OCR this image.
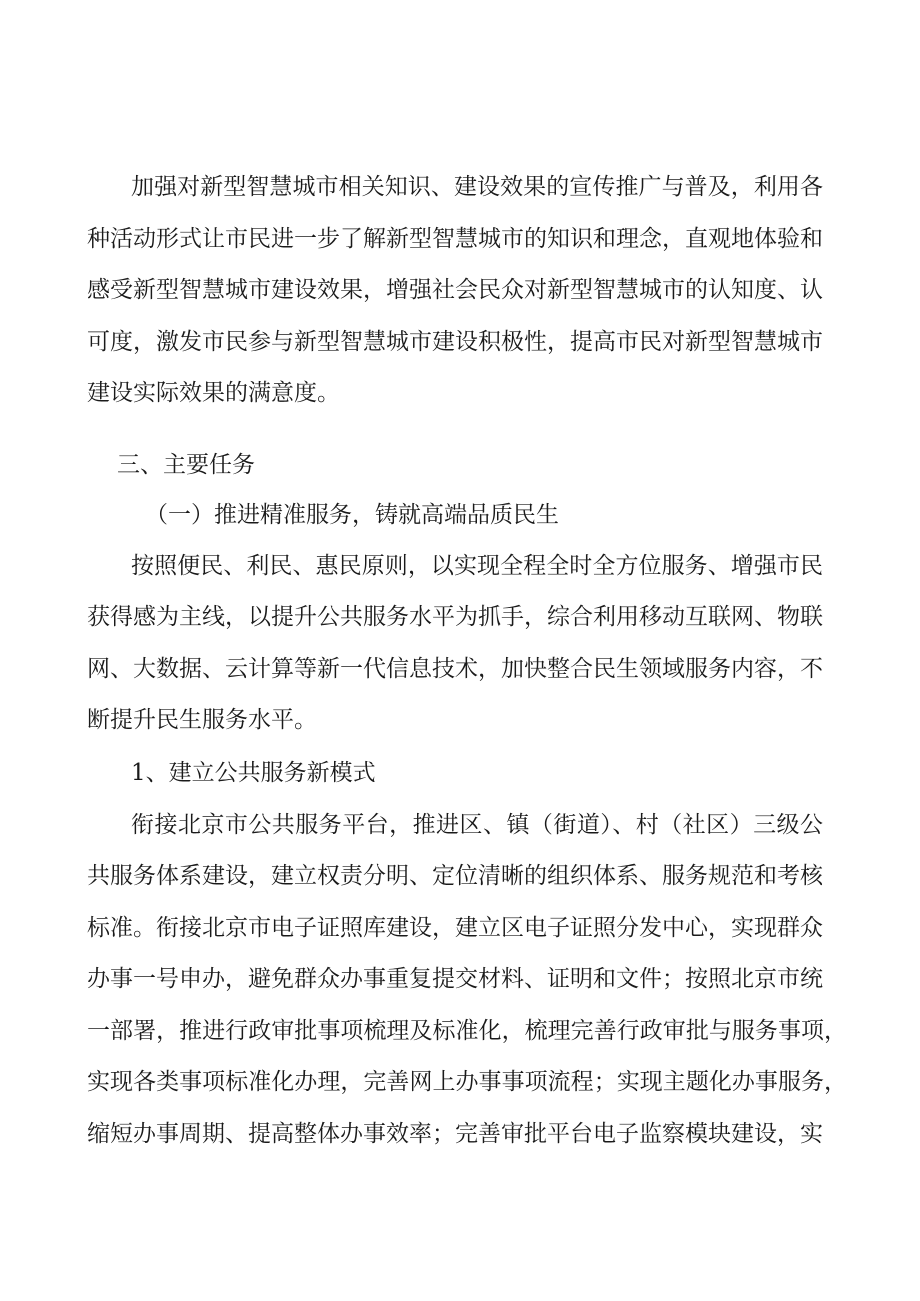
加强对新型智慧城市相关知识、建设效果的宣传推广与普及，利用各
种活动形式让市民进一步了解新型智慧城市的知识和理念，直观地体验和
感受新型智慧城市建设效果，增强社会民众对新型智慧城市的认知度、认
可度，激发市民参与新型智慧城市建设积极性，提高市民对新型智慧城市
建设实际效果的满意度。
三、主要任务
（一）推进精准服务，铸就高端品质民生
按照便民、利民、惠民原则，以实现全程全时全方位服务、增强市民
获得感为主线，以提升公共服务水平为抓手，综合利用移动互联网、物联
网、大数据、云计算等新一代信息技术，加快整合民生领域服务内容，不
断提升民生服务水平。
1、建立公共服务新模式
衔接北京市公共服务平台，推进区、镇（街道）、村（社区）三级公
共服务体系建设，建立权责分明、定位清晰的组织体系、服务规范和考核
标准。衔接北京市电子证照库建设，建立区电子证照分发中心，实现群众
办事一号申办，避免群众办事重复提交材料、证明和文件；按照北京市统
一部署，推进行政审批事项梳理及标准化，梳理完善行政审批与服务事项，
实现各类事项标准化办理，完善网上办事事项流程；实现主题化办事服务，
缩短办事周期、提高整体办事效率；完善审批平台电子监察模块建设，实
